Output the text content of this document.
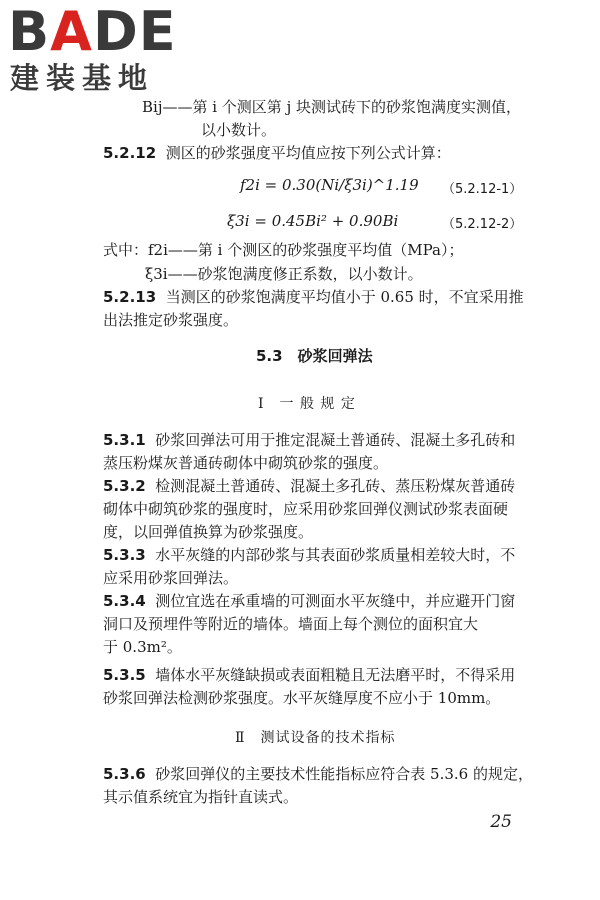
BADE
建装基地
Bij——第 i 个测区第 j 块测试砖下的砂浆饱满度实测值，
以小数计。
5.2.12 测区的砂浆强度平均值应按下列公式计算：
f2i = 0.30(Ni/ξ3i)^1.19 （5.2.12-1）
ξ3i = 0.45Bi² + 0.90Bi	（5.2.12-2）
式中：f2i——第 i 个测区的砂浆强度平均值（MPa）；
ξ3i——砂浆饱满度修正系数，以小数计。
5.2.13 当测区的砂浆饱满度平均值小于 0.65 时，不宜采用推
出法推定砂浆强度。
5.3　砂浆回弹法
Ⅰ　一 般 规 定
5.3.1 砂浆回弹法可用于推定混凝土普通砖、混凝土多孔砖和
蒸压粉煤灰普通砖砌体中砌筑砂浆的强度。
5.3.2 检测混凝土普通砖、混凝土多孔砖、蒸压粉煤灰普通砖
砌体中砌筑砂浆的强度时，应采用砂浆回弹仪测试砂浆表面硬
度，以回弹值换算为砂浆强度。
5.3.3 水平灰缝的内部砂浆与其表面砂浆质量相差较大时，不
应采用砂浆回弹法。
5.3.4 测位宜选在承重墙的可测面水平灰缝中，并应避开门窗
洞口及预埋件等附近的墙体。墙面上每个测位的面积宜大
于 0.3m²。
5.3.5 墙体水平灰缝缺损或表面粗糙且无法磨平时，不得采用
砂浆回弹法检测砂浆强度。水平灰缝厚度不应小于 10mm。
Ⅱ　测试设备的技术指标
5.3.6 砂浆回弹仪的主要技术性能指标应符合表 5.3.6 的规定，
其示值系统宜为指针直读式。
25
